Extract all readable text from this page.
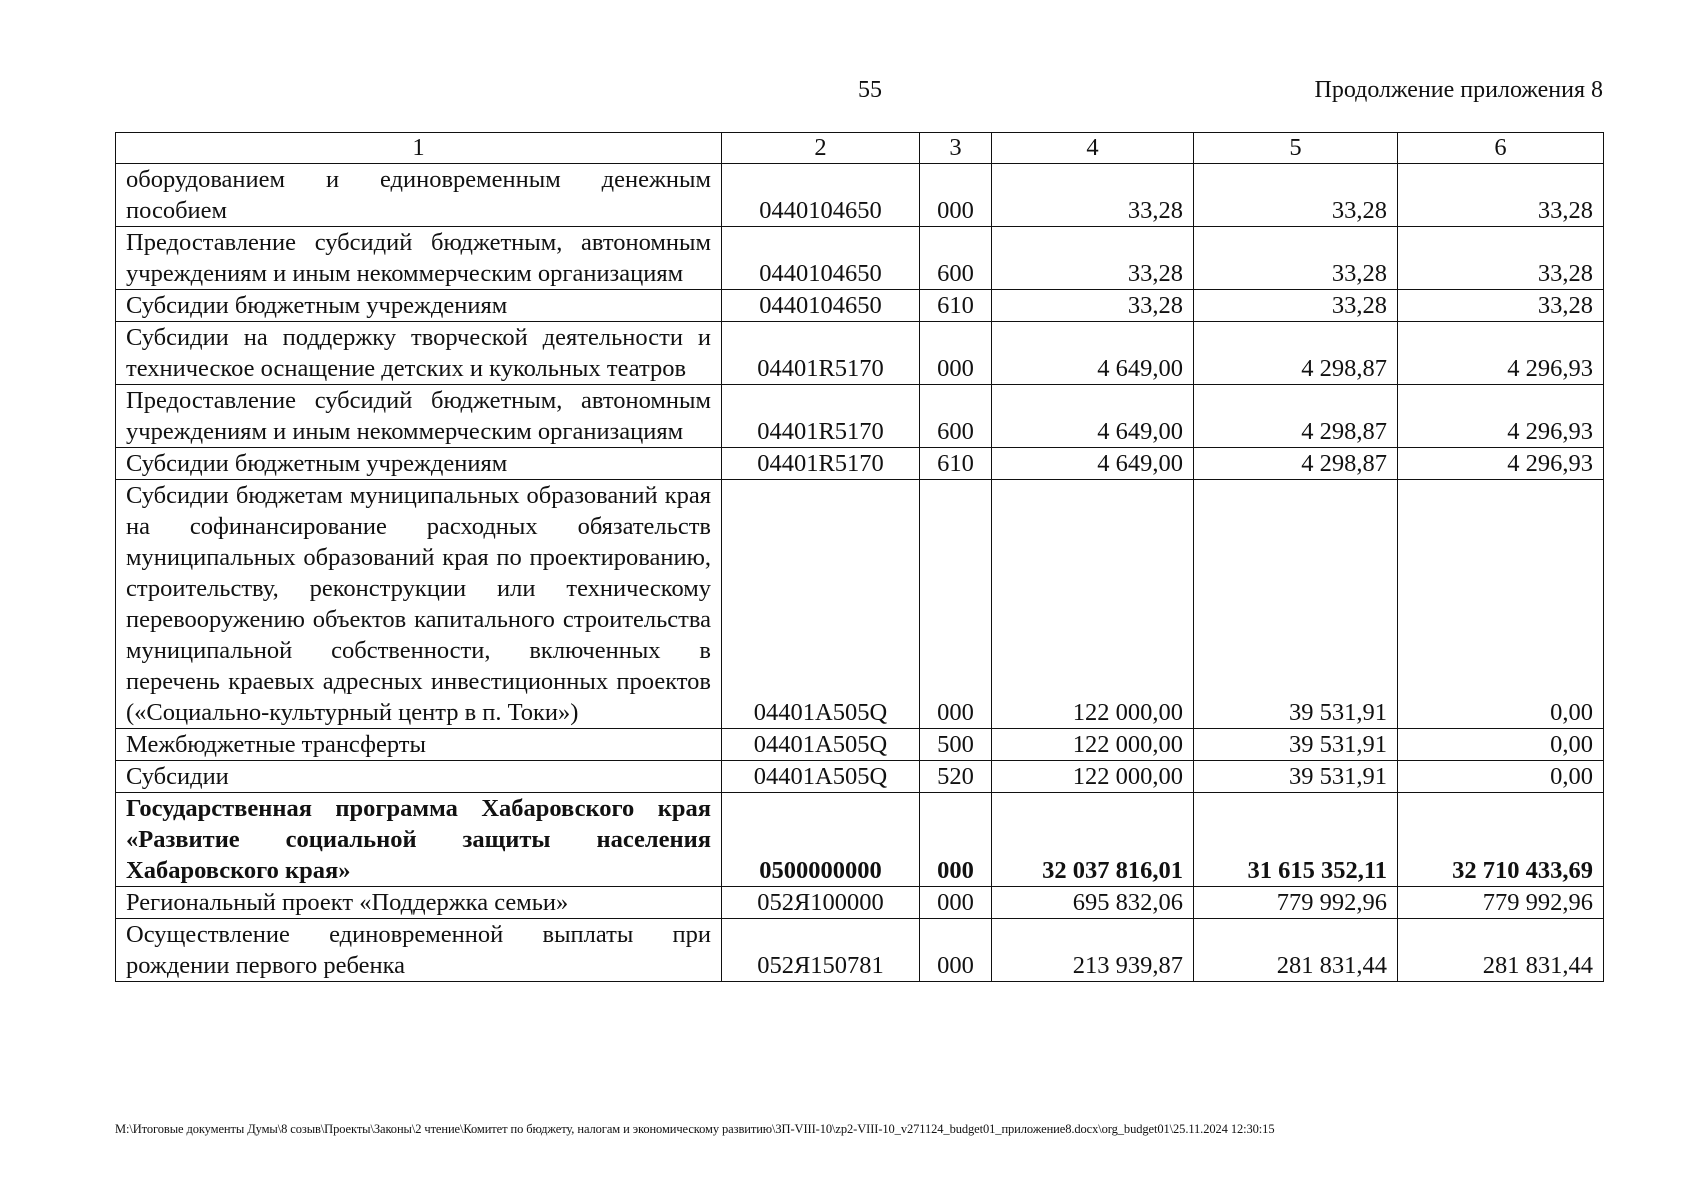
55	Продолжение приложения 8
1	2	3	4	5	6
оборудованием и единовременным денежным пособием	0440104650	000	33,28	33,28	33,28
Предоставление субсидий бюджетным, автономным учреждениям и иным некоммерческим организациям	0440104650	600	33,28	33,28	33,28
Субсидии бюджетным учреждениям	0440104650	610	33,28	33,28	33,28
Субсидии на поддержку творческой деятельности и техническое оснащение детских и кукольных театров	04401R5170	000	4 649,00	4 298,87	4 296,93
Предоставление субсидий бюджетным, автономным учреждениям и иным некоммерческим организациям	04401R5170	600	4 649,00	4 298,87	4 296,93
Субсидии бюджетным учреждениям	04401R5170	610	4 649,00	4 298,87	4 296,93
Субсидии бюджетам муниципальных образований края на софинансирование расходных обязательств муниципальных образований края по проектированию, строительству, реконструкции или техническому перевооружению объектов капитального строительства муниципальной собственности, включенных в перечень краевых адресных инвестиционных проектов («Социально-культурный центр в п. Токи»)	04401А505Q	000	122 000,00	39 531,91	0,00
Межбюджетные трансферты	04401А505Q	500	122 000,00	39 531,91	0,00
Субсидии	04401А505Q	520	122 000,00	39 531,91	0,00
Государственная программа Хабаровского края «Развитие социальной защиты населения Хабаровского края»	0500000000	000	32 037 816,01	31 615 352,11	32 710 433,69
Региональный проект «Поддержка семьи»	052Я100000	000	695 832,06	779 992,96	779 992,96
Осуществление единовременной выплаты при рождении первого ребенка	052Я150781	000	213 939,87	281 831,44	281 831,44
M:\Итоговые документы Думы\8 созыв\Проекты\Законы\2 чтение\Комитет по бюджету, налогам и экономическому развитию\ЗП-VIII-10\zp2-VIII-10_v271124_budget01_приложение8.docx\org_budget01\25.11.2024 12:30:15
